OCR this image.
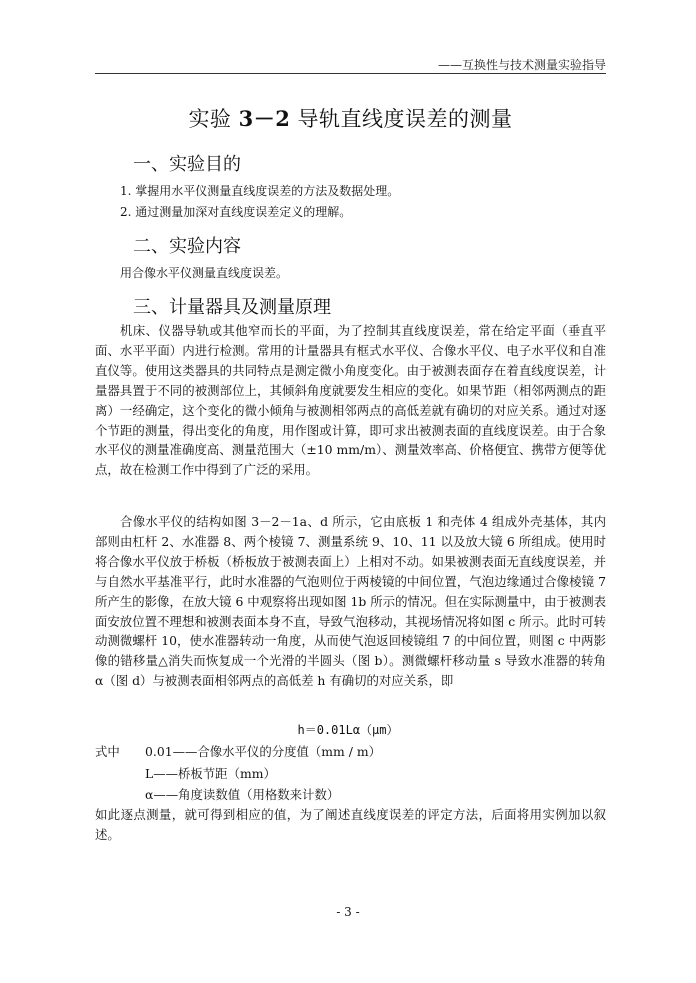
——互换性与技术测量实验指导
实验 3－2 导轨直线度误差的测量
一、实验目的
1. 掌握用水平仪测量直线度误差的方法及数据处理。
2. 通过测量加深对直线度误差定义的理解。
二、实验内容
用合像水平仪测量直线度误差。
三、计量器具及测量原理

机床、仪器导轨或其他窄而长的平面，为了控制其直线度误差，常在给定平面（垂直平面、水平平面）内进行检测。常用的计量器具有框式水平仪、合像水平仪、电子水平仪和自准直仪等。使用这类器具的共同特点是测定微小角度变化。由于被测表面存在着直线度误差，计量器具置于不同的被测部位上，其倾斜角度就要发生相应的变化。如果节距（相邻两测点的距离）一经确定，这个变化的微小倾角与被测相邻两点的高低差就有确切的对应关系。通过对逐个节距的测量，得出变化的角度，用作图或计算，即可求出被测表面的直线度误差。由于合象水平仪的测量准确度高、测量范围大（±10 mm/m）、测量效率高、价格便宜、携带方便等优点，故在检测工作中得到了广泛的采用。

合像水平仪的结构如图 3－2－1a、d 所示，它由底板 1 和壳体 4 组成外壳基体，其内部则由杠杆 2、水准器 8、两个棱镜 7、测量系统 9、10、11 以及放大镜 6 所组成。使用时将合像水平仪放于桥板（桥板放于被测表面上）上相对不动。如果被测表面无直线度误差，并与自然水平基准平行，此时水准器的气泡则位于两棱镜的中间位置，气泡边缘通过合像棱镜 7 所产生的影像，在放大镜 6 中观察将出现如图 1b 所示的情况。但在实际测量中，由于被测表面安放位置不理想和被测表面本身不直，导致气泡移动，其视场情况将如图 c 所示。此时可转动测微螺杆 10，使水准器转动一角度，从而使气泡返回棱镜组 7 的中间位置，则图 c 中两影像的错移量△消失而恢复成一个光滑的半圆头（图 b）。测微螺杆移动量 s 导致水准器的转角 α（图 d）与被测表面相邻两点的高低差 h 有确切的对应关系，即

h＝0.01Lα（μm）
式中 0.01——合像水平仪的分度值（mm / m）
L——桥板节距（mm）
α——角度读数值（用格数来计数）

如此逐点测量，就可得到相应的值，为了阐述直线度误差的评定方法，后面将用实例加以叙述。

- 3 -
